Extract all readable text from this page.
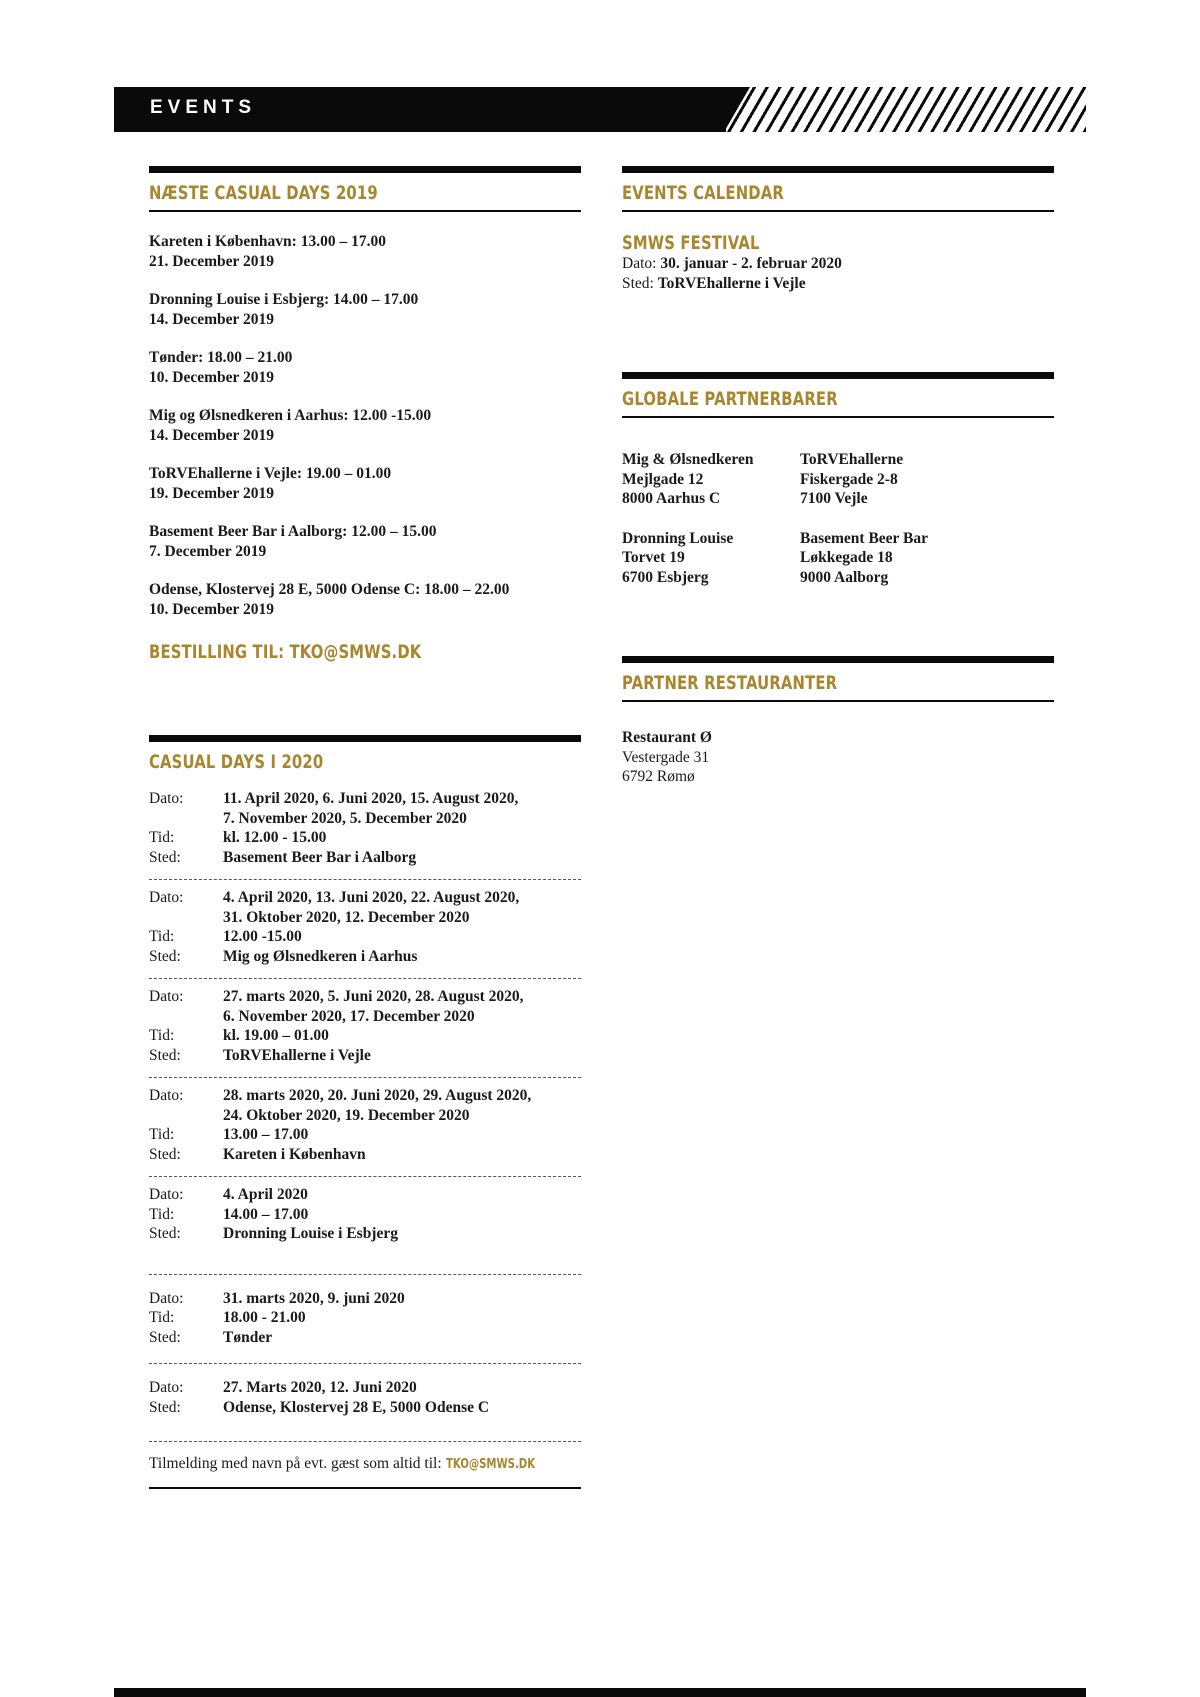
EVENTS
NÆSTE CASUAL DAYS 2019
Kareten i København: 13.00 – 17.00
21. December 2019
Dronning Louise i Esbjerg: 14.00 – 17.00
14. December 2019
Tønder: 18.00 – 21.00
10. December 2019
Mig og Ølsnedkeren i Aarhus: 12.00 -15.00
14. December 2019
ToRVEhallerne i Vejle: 19.00 – 01.00
19. December 2019
Basement Beer Bar i Aalborg: 12.00 – 15.00
7. December 2019
Odense, Klostervej 28 E, 5000 Odense C: 18.00 – 22.00
10. December 2019
BESTILLING TIL: TKO@SMWS.DK
CASUAL DAYS I 2020
Dato:	11. April 2020, 6. Juni 2020, 15. August 2020,
7. November 2020, 5. December 2020
Tid:	kl. 12.00 - 15.00
Sted:	Basement Beer Bar i Aalborg
Dato:	4. April 2020, 13. Juni 2020, 22. August 2020,
31. Oktober 2020, 12. December 2020
Tid:	12.00 -15.00
Sted:	Mig og Ølsnedkeren i Aarhus
Dato:	27. marts 2020, 5. Juni 2020, 28. August 2020,
6. November 2020, 17. December 2020
Tid:	kl. 19.00 – 01.00
Sted:	ToRVEhallerne i Vejle
Dato:	28. marts 2020, 20. Juni 2020, 29. August 2020,
24. Oktober 2020, 19. December 2020
Tid:	13.00 – 17.00
Sted:	Kareten i København
Dato:	4. April 2020
Tid:	14.00 – 17.00
Sted:	Dronning Louise i Esbjerg
Dato:	31. marts 2020, 9. juni 2020
Tid:	18.00 - 21.00
Sted:	Tønder
Dato:	27. Marts 2020, 12. Juni 2020
Sted:	Odense, Klostervej 28 E, 5000 Odense C
Tilmelding med navn på evt. gæst som altid til: TKO@SMWS.DK
EVENTS CALENDAR
SMWS FESTIVAL
Dato: 30. januar - 2. februar 2020
Sted: ToRVEhallerne i Vejle
GLOBALE PARTNERBARER
Mig & Ølsnedkeren
Mejlgade 12
8000 Aarhus C
ToRVEhallerne
Fiskergade 2-8
7100 Vejle
Dronning Louise
Torvet 19
6700 Esbjerg
Basement Beer Bar
Løkkegade 18
9000 Aalborg
PARTNER RESTAURANTER
Restaurant Ø
Vestergade 31
6792 Rømø
